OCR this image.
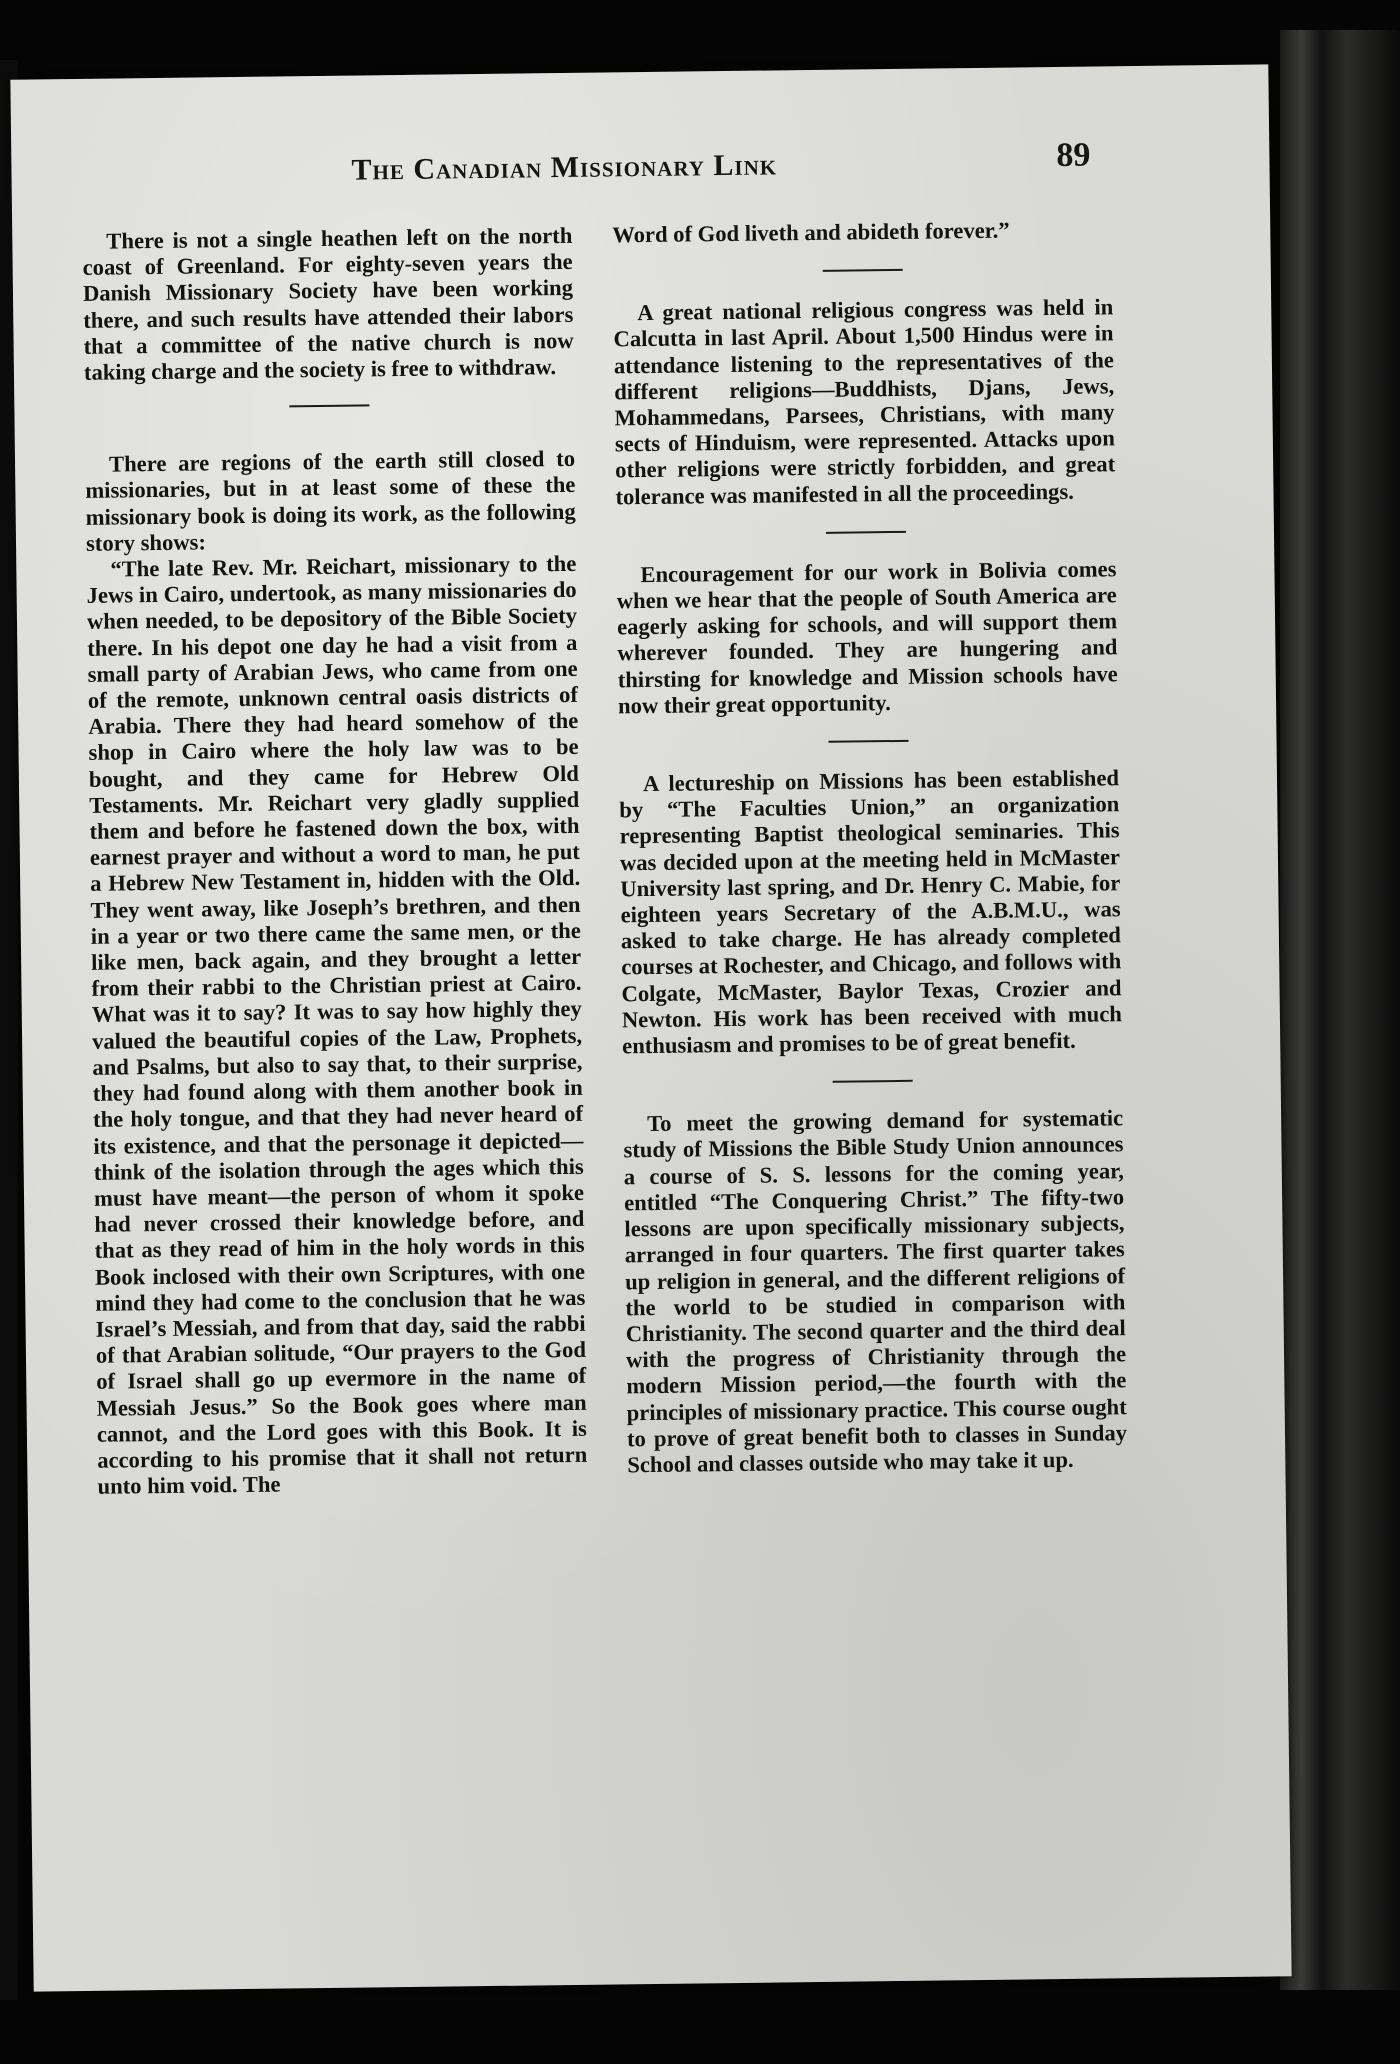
The Canadian Missionary Link	89

There is not a single heathen left on the north coast of Greenland. For eighty-seven years the Danish Missionary Society have been working there, and such results have attended their labors that a committee of the native church is now taking charge and the society is free to withdraw.

There are regions of the earth still closed to missionaries, but in at least some of these the missionary book is doing its work, as the following story shows:

“The late Rev. Mr. Reichart, missionary to the Jews in Cairo, undertook, as many missionaries do when needed, to be depository of the Bible Society there. In his depot one day he had a visit from a small party of Arabian Jews, who came from one of the remote, unknown central oasis districts of Arabia. There they had heard somehow of the shop in Cairo where the holy law was to be bought, and they came for Hebrew Old Testaments. Mr. Reichart very gladly supplied them and before he fastened down the box, with earnest prayer and without a word to man, he put a Hebrew New Testament in, hidden with the Old. They went away, like Joseph’s brethren, and then in a year or two there came the same men, or the like men, back again, and they brought a letter from their rabbi to the Christian priest at Cairo. What was it to say? It was to say how highly they valued the beautiful copies of the Law, Prophets, and Psalms, but also to say that, to their surprise, they had found along with them another book in the holy tongue, and that they had never heard of its existence, and that the personage it depicted—think of the isolation through the ages which this must have meant—the person of whom it spoke had never crossed their knowledge before, and that as they read of him in the holy words in this Book inclosed with their own Scriptures, with one mind they had come to the conclusion that he was Israel’s Messiah, and from that day, said the rabbi of that Arabian solitude, “Our prayers to the God of Israel shall go up evermore in the name of Messiah Jesus.” So the Book goes where man cannot, and the Lord goes with this Book. It is according to his promise that it shall not return unto him void. The

Word of God liveth and abideth forever.”

A great national religious congress was held in Calcutta in last April. About 1,500 Hindus were in attendance listening to the representatives of the different religions—Buddhists, Djans, Jews, Mohammedans, Parsees, Christians, with many sects of Hinduism, were represented. Attacks upon other religions were strictly forbidden, and great tolerance was manifested in all the proceedings.

Encouragement for our work in Bolivia comes when we hear that the people of South America are eagerly asking for schools, and will support them wherever founded. They are hungering and thirsting for knowledge and Mission schools have now their great opportunity.

A lectureship on Missions has been established by “The Faculties Union,” an organization representing Baptist theological seminaries. This was decided upon at the meeting held in McMaster University last spring, and Dr. Henry C. Mabie, for eighteen years Secretary of the A.B.M.U., was asked to take charge. He has already completed courses at Rochester, and Chicago, and follows with Colgate, McMaster, Baylor Texas, Crozier and Newton. His work has been received with much enthusiasm and promises to be of great benefit.

To meet the growing demand for systematic study of Missions the Bible Study Union announces a course of S. S. lessons for the coming year, entitled “The Conquering Christ.” The fifty-two lessons are upon specifically missionary subjects, arranged in four quarters. The first quarter takes up religion in general, and the different religions of the world to be studied in comparison with Christianity. The second quarter and the third deal with the progress of Christianity through the modern Mission period,—the fourth with the principles of missionary practice. This course ought to prove of great benefit both to classes in Sunday School and classes outside who may take it up.
